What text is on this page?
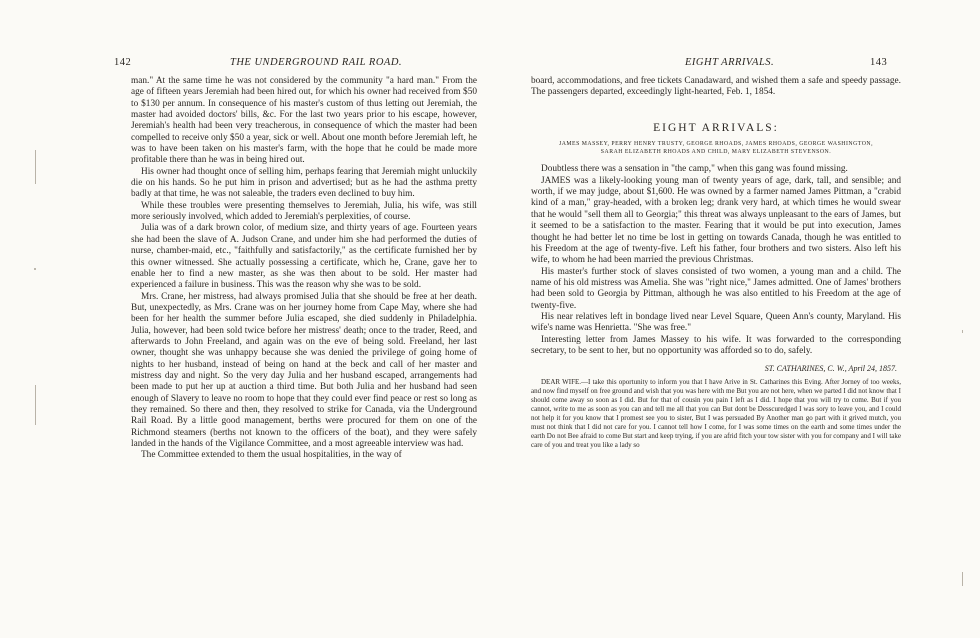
142	THE UNDERGROUND RAIL ROAD.

man." At the same time he was not considered by the community "a hard man." From the age of fifteen years Jeremiah had been hired out, for which his owner had received from $50 to $130 per annum. In consequence of his master's custom of thus letting out Jeremiah, the master had avoided doctors' bills, &c. For the last two years prior to his escape, however, Jeremiah's health had been very treacherous, in consequence of which the master had been compelled to receive only $50 a year, sick or well. About one month before Jeremiah left, he was to have been taken on his master's farm, with the hope that he could be made more profitable there than he was in being hired out.

His owner had thought once of selling him, perhaps fearing that Jeremiah might unluckily die on his hands. So he put him in prison and advertised; but as he had the asthma pretty badly at that time, he was not saleable, the traders even declined to buy him.

While these troubles were presenting themselves to Jeremiah, Julia, his wife, was still more seriously involved, which added to Jeremiah's perplexities, of course.

Julia was of a dark brown color, of medium size, and thirty years of age. Fourteen years she had been the slave of A. Judson Crane, and under him she had performed the duties of nurse, chamber-maid, etc., "faithfully and satisfactorily," as the certificate furnished her by this owner witnessed. She actually possessing a certificate, which he, Crane, gave her to enable her to find a new master, as she was then about to be sold. Her master had experienced a failure in business. This was the reason why she was to be sold.

Mrs. Crane, her mistress, had always promised Julia that she should be free at her death. But, unexpectedly, as Mrs. Crane was on her journey home from Cape May, where she had been for her health the summer before Julia escaped, she died suddenly in Philadelphia. Julia, however, had been sold twice before her mistress' death; once to the trader, Reed, and afterwards to John Freeland, and again was on the eve of being sold. Freeland, her last owner, thought she was unhappy because she was denied the privilege of going home of nights to her husband, instead of being on hand at the beck and call of her master and mistress day and night. So the very day Julia and her husband escaped, arrangements had been made to put her up at auction a third time. But both Julia and her husband had seen enough of Slavery to leave no room to hope that they could ever find peace or rest so long as they remained. So there and then, they resolved to strike for Canada, via the Underground Rail Road. By a little good management, berths were procured for them on one of the Richmond steamers (berths not known to the officers of the boat), and they were safely landed in the hands of the Vigilance Committee, and a most agreeable interview was had.

The Committee extended to them the usual hospitalities, in the way of

EIGHT ARRIVALS.	143

board, accommodations, and free tickets Canadaward, and wished them a safe and speedy passage. The passengers departed, exceedingly light-hearted, Feb. 1, 1854.

EIGHT ARRIVALS:
JAMES MASSEY, PERRY HENRY TRUSTY, GEORGE RHOADS, JAMES RHOADS, GEORGE WASHINGTON, SARAH ELIZABETH RHOADS AND CHILD, MARY ELIZABETH STEVENSON.

Doubtless there was a sensation in "the camp," when this gang was found missing.

JAMES was a likely-looking young man of twenty years of age, dark, tall, and sensible; and worth, if we may judge, about $1,600. He was owned by a farmer named James Pittman, a "crabid kind of a man," gray-headed, with a broken leg; drank very hard, at which times he would swear that he would "sell them all to Georgia;" this threat was always unpleasant to the ears of James, but it seemed to be a satisfaction to the master. Fearing that it would be put into execution, James thought he had better let no time be lost in getting on towards Canada, though he was entitled to his Freedom at the age of twenty-five. Left his father, four brothers and two sisters. Also left his wife, to whom he had been married the previous Christmas.

His master's further stock of slaves consisted of two women, a young man and a child. The name of his old mistress was Amelia. She was "right nice," James admitted. One of James' brothers had been sold to Georgia by Pittman, although he was also entitled to his Freedom at the age of twenty-five.

His near relatives left in bondage lived near Level Square, Queen Ann's county, Maryland. His wife's name was Henrietta. "She was free."

Interesting letter from James Massey to his wife. It was forwarded to the corresponding secretary, to be sent to her, but no opportunity was afforded so to do, safely.

ST. CATHARINES, C. W., April 24, 1857.

DEAR WIFE.—I take this oportunity to inform you that I have Arive in St. Catharines this Eving. After Jorney of too weeks, and now find myself on free ground and wish that you was here with me But you are not here, when we parted I did not know that I should come away so soon as I did. But for that of cousin you pain I left as I did. I hope that you will try to come. But if you cannot, write to me as soon as you can and tell me all that you can But dont be Desscuredged I was sory to leave you, and I could not help it for you know that I promest see you to sister, But I was persuaded By Another man go part with it grived mutch, you must not think that I did not care for you. I cannot tell how I come, for I was some times on the earth and some times under the earth Do not Bee afraid to come But start and keep trying, if you are afrid fitch your tow sister with you for company and I will take care of you and treat you like a lady so
